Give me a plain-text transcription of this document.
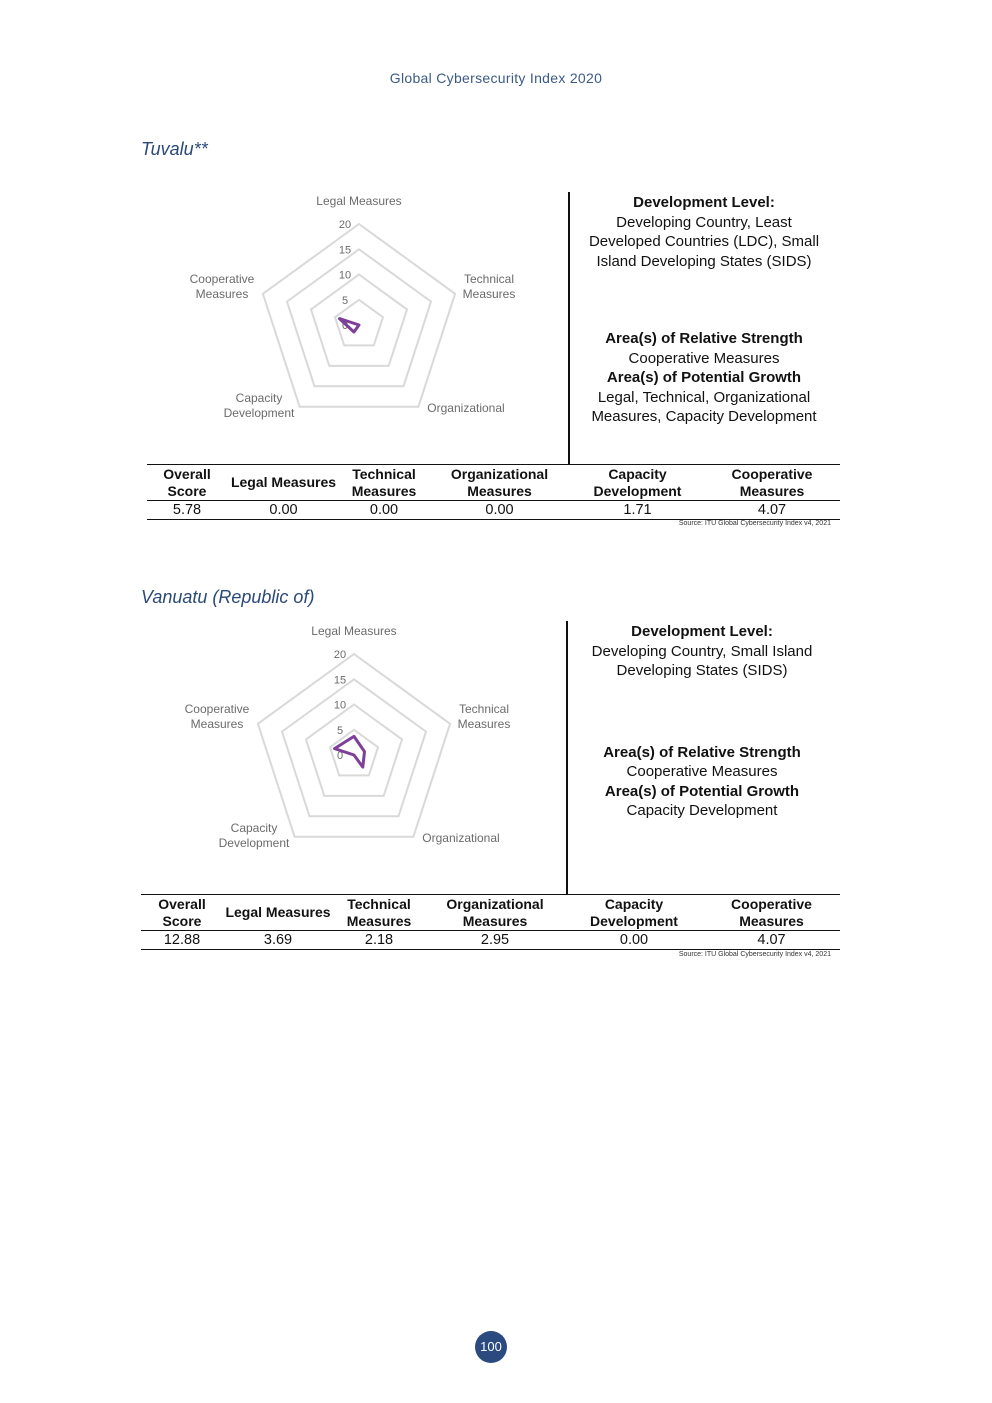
Global Cybersecurity Index 2020
Tuvalu**
0
5
10
15
20
Legal Measures
Technical Measures
Organizational
Capacity Development
Cooperative Measures
Development Level:
Developing Country, Least
Developed Countries (LDC), Small
Island Developing States (SIDS)
Area(s) of Relative Strength
Cooperative Measures
Area(s) of Potential Growth
Legal, Technical, Organizational
Measures, Capacity Development
Overall Score	Legal Measures	Technical Measures	Organizational Measures	Capacity Development	Cooperative Measures
5.78	0.00	0.00	0.00	1.71	4.07
Source: ITU Global Cybersecurity Index v4, 2021
Vanuatu (Republic of)
0
5
10
15
20
Legal Measures
Technical Measures
Organizational
Capacity Development
Cooperative Measures
Development Level:
Developing Country, Small Island
Developing States (SIDS)
Area(s) of Relative Strength
Cooperative Measures
Area(s) of Potential Growth
Capacity Development
Overall Score	Legal Measures	Technical Measures	Organizational Measures	Capacity Development	Cooperative Measures
12.88	3.69	2.18	2.95	0.00	4.07
Source: ITU Global Cybersecurity Index v4, 2021
100
